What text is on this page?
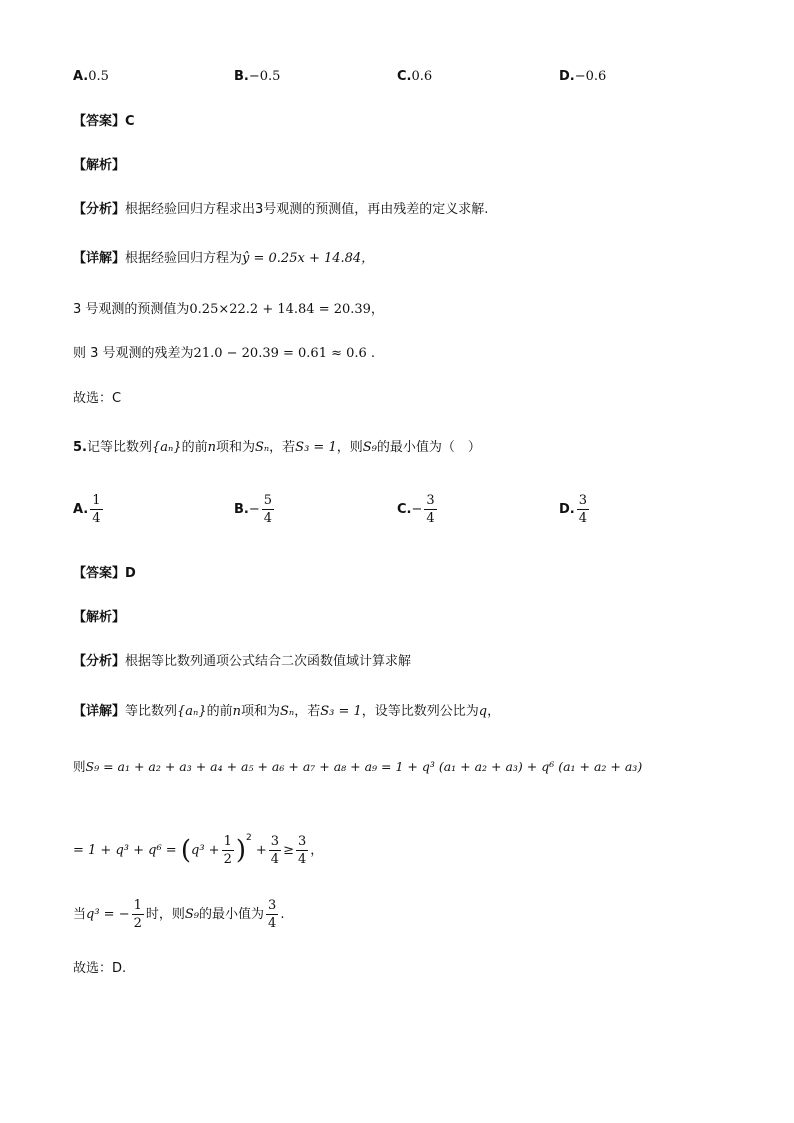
A.0.5	B.−0.5	C.0.6	D.−0.6
【答案】C
【解析】
【分析】根据经验回归方程求出3号观测的预测值，再由残差的定义求解.
【详解】根据经验回归方程为ŷ = 0.25x + 14.84，
3 号观测的预测值为0.25×22.2 + 14.84 = 20.39，
则 3 号观测的残差为21.0 − 20.39 = 0.61 ≈ 0.6 .
故选：C
5.记等比数列{aₙ}的前n项和为Sₙ，若S₃ = 1，则S₉的最小值为（　）
A. $\frac{1}{4}$	$B.- \frac{5}{4}$	$C.- \frac{3}{4}$	D. $\frac{3}{4}$
【答案】D
【解析】
【分析】根据等比数列通项公式结合二次函数值域计算求解
【详解】等比数列{aₙ}的前n项和为Sₙ，若S₃ = 1，设等比数列公比为q，
则S₉ = a₁ + a₂ + a₃ + a₄ + a₅ + a₆ + a₇ + a₈ + a₉ = 1 + q³ (a₁ + a₂ + a₃) + q⁶ (a₁ + a₂ + a₃)
= $1 + q^3 + q^6 = (q^3 + \frac{1}{2} )^2 + \frac{3}{4} \ge \frac{3}{4}$ ，
当q³ = − $\frac{1}{2}$ 时，则S₉的最小值为 $\frac{3}{4}$ .
故选：D.
